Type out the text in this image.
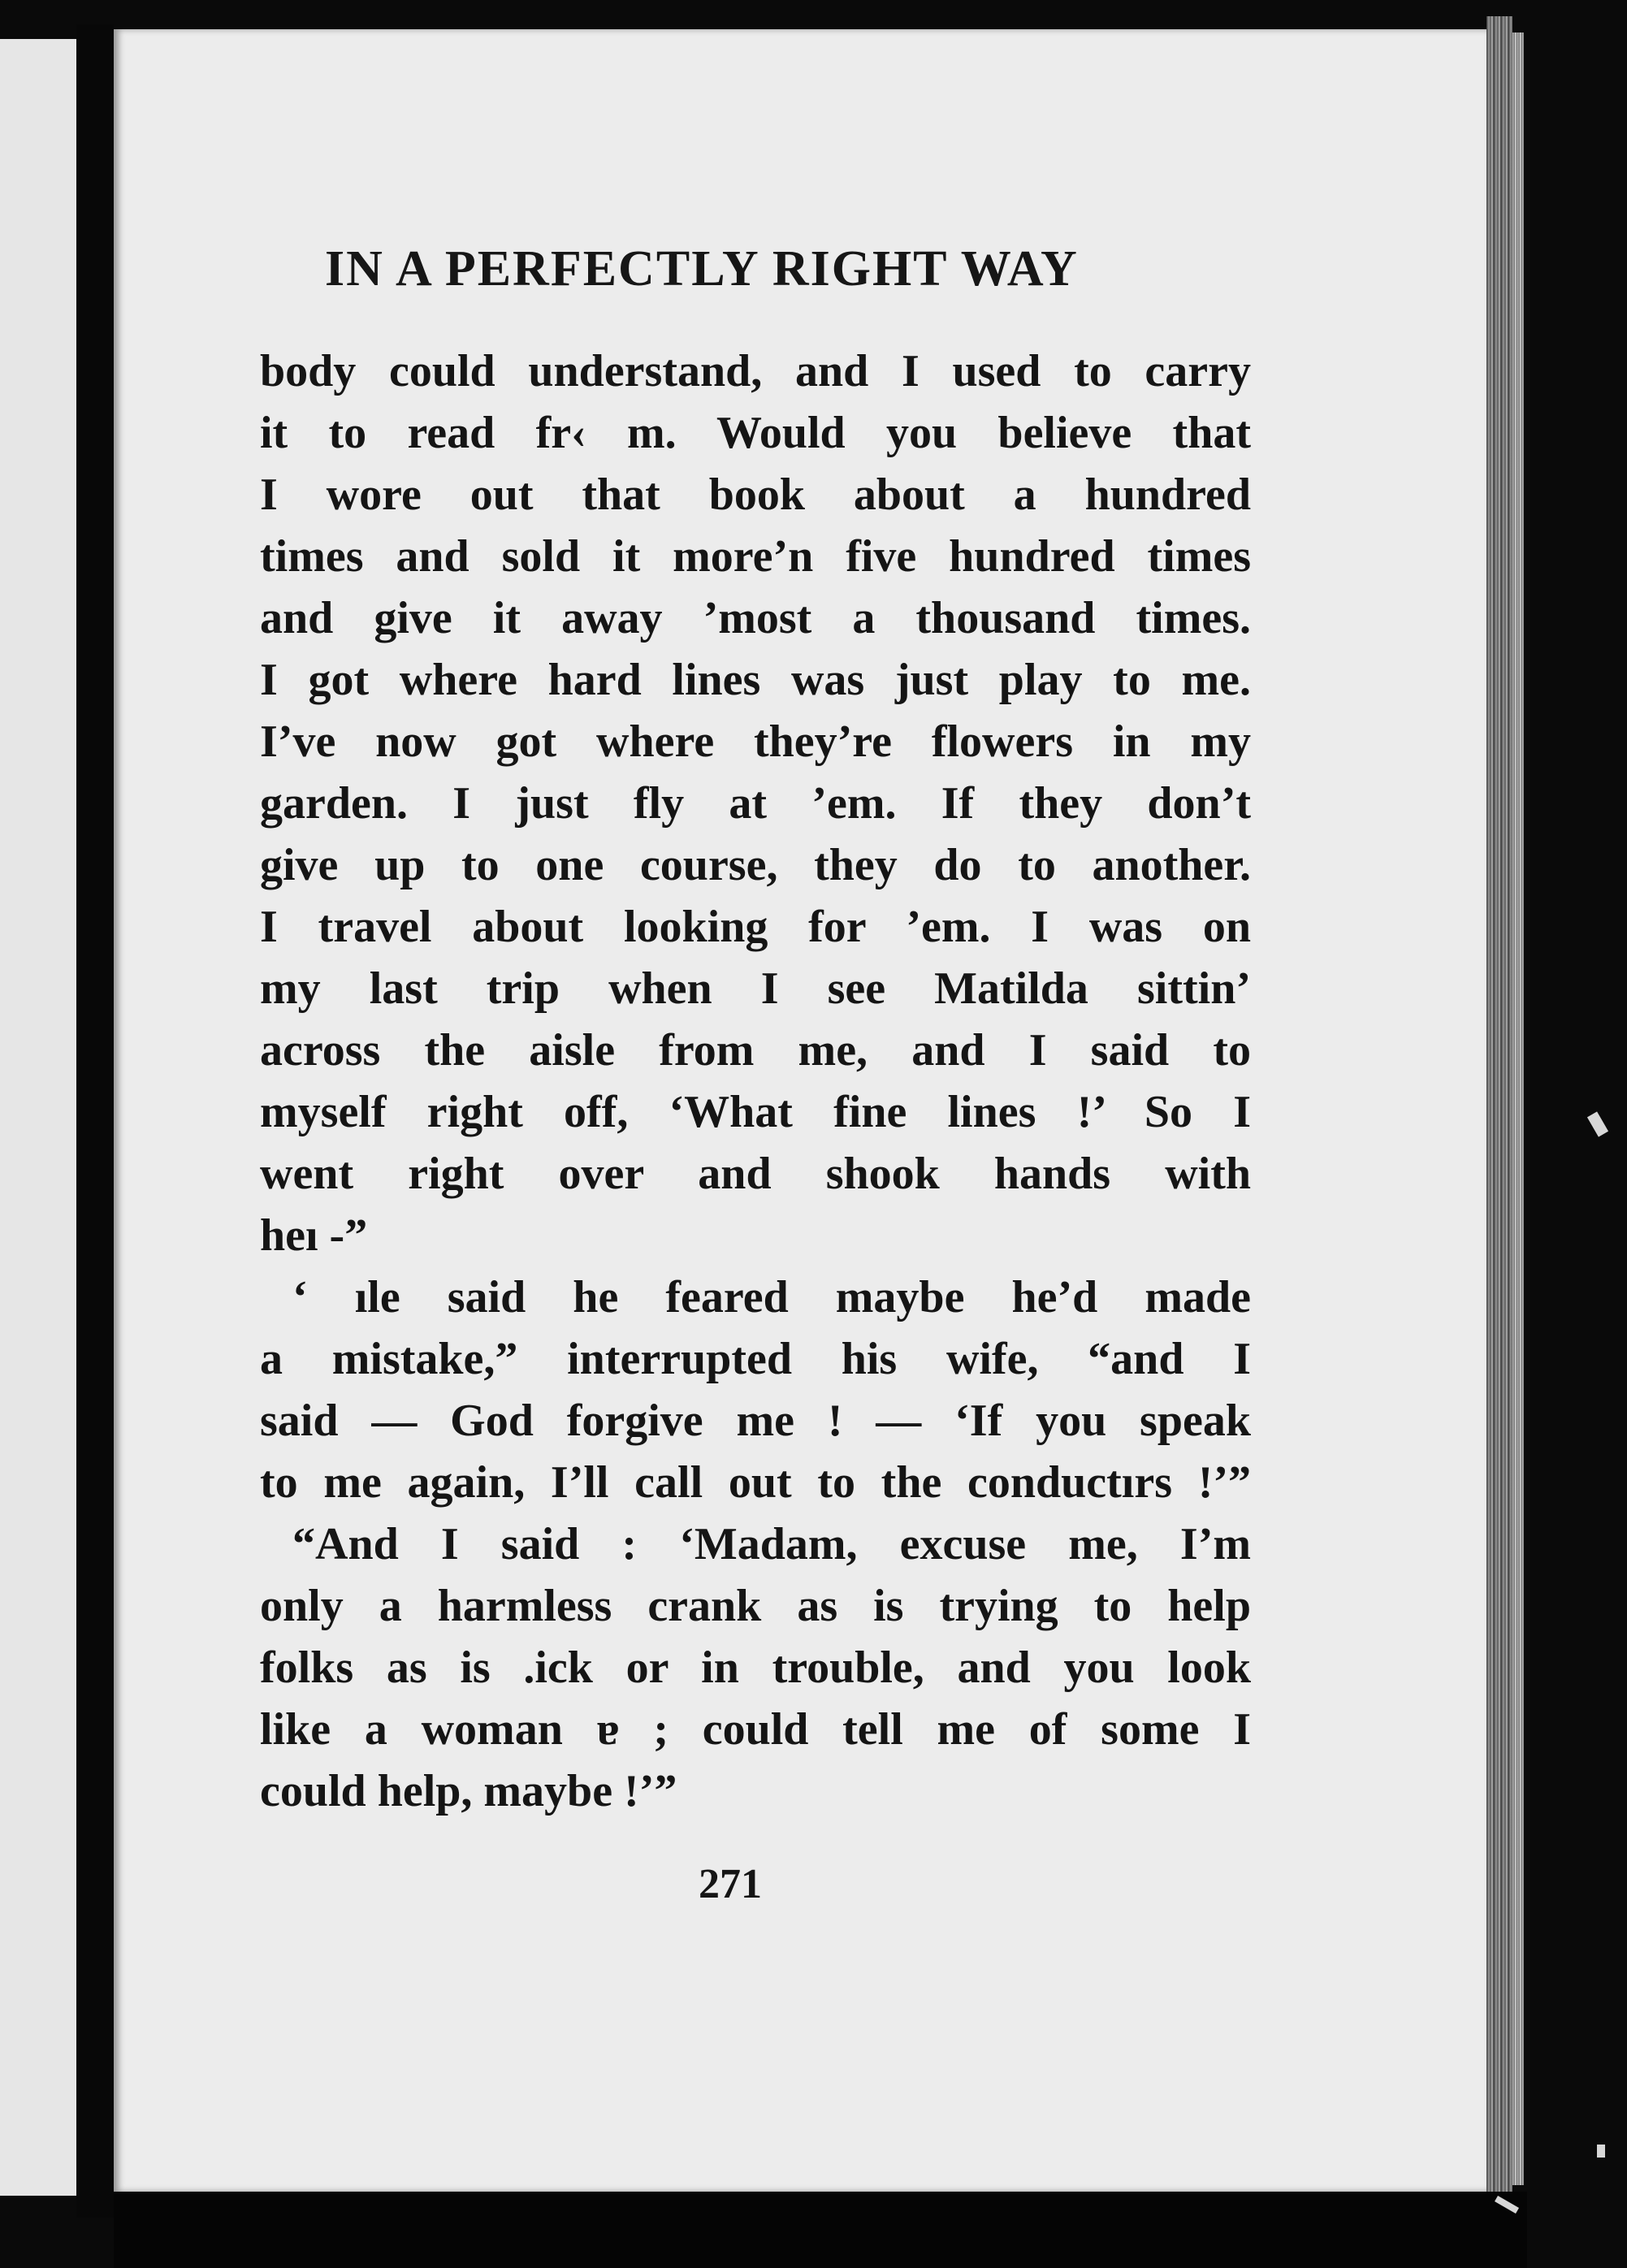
IN A PERFECTLY RIGHT WAY
body could understand, and I used to carry
it to read fr‹ m. Would you believe that
I wore out that book about a hundred
times and sold it more’n five hundred times
and give it away ’most a thousand times.
I got where hard lines was just play to me.
I’ve now got where they’re flowers in my
garden. I just fly at ’em. If they don’t
give up to one course, they do to another.
I travel about looking for ’em. I was on
my last trip when I see Matilda sittin’
across the aisle from me, and I said to
myself right off, ‘What fine lines !’ So I
went right over and shook hands with
heı -”
‘ ıle said he feared maybe he’d made
a mistake,” interrupted his wife, “and I
said — God forgive me ! — ‘If you speak
to me again, I’ll call out to the conductırs !’”
“And I said : ‘Madam, excuse me, I’m
only a harmless crank as is trying to help
folks as is .ick or in trouble, and you look
like a woman ɐ ; could tell me of some I
could help, maybe !’”
271
